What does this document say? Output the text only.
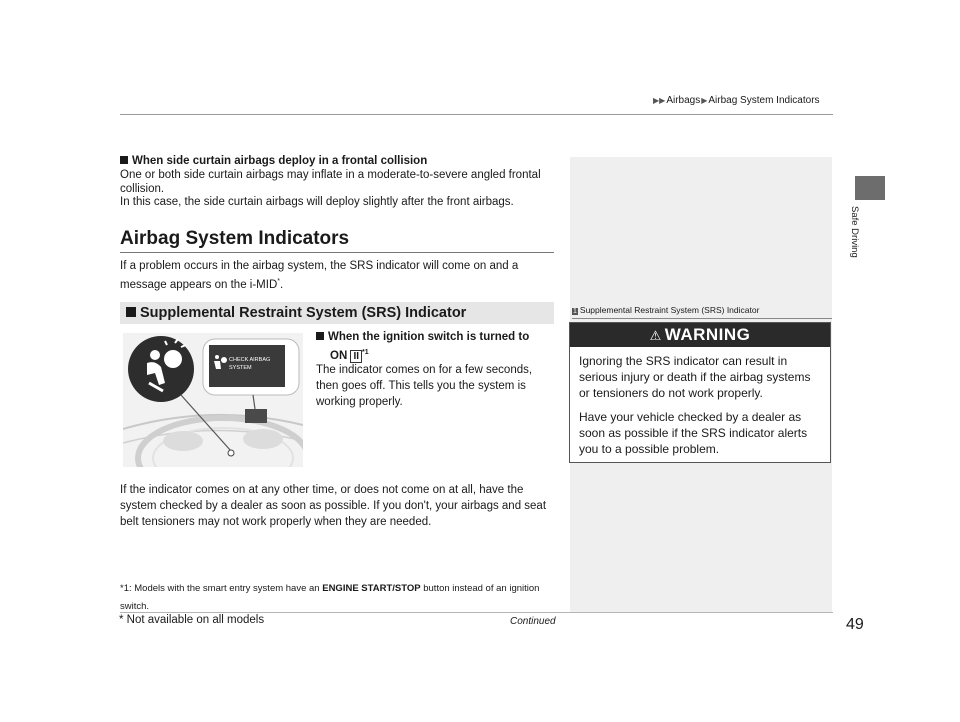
▶▶Airbags▶Airbag System Indicators
Safe Driving
When side curtain airbags deploy in a frontal collision
One or both side curtain airbags may inflate in a moderate-to-severe angled frontal collision.
In this case, the side curtain airbags will deploy slightly after the front airbags.
Airbag System Indicators
If a problem occurs in the airbag system, the SRS indicator will come on and a message appears on the i-MID*.
Supplemental Restraint System (SRS) Indicator
CHECK AIRBAG
SYSTEM
When the ignition switch is turned to
ON II $^{*1}$
The indicator comes on for a few seconds, then goes off. This tells you the system is working properly.
If the indicator comes on at any other time, or does not come on at all, have the system checked by a dealer as soon as possible. If you don't, your airbags and seat belt tensioners may not work properly when they are needed.
*1: Models with the smart entry system have an ENGINE START/STOP button instead of an ignition switch.
1 Supplemental Restraint System (SRS) Indicator
⚠ WARNING
Ignoring the SRS indicator can result in serious injury or death if the airbag systems or tensioners do not work properly.
Have your vehicle checked by a dealer as soon as possible if the SRS indicator alerts you to a possible problem.
Continued
* Not available on all models	49
